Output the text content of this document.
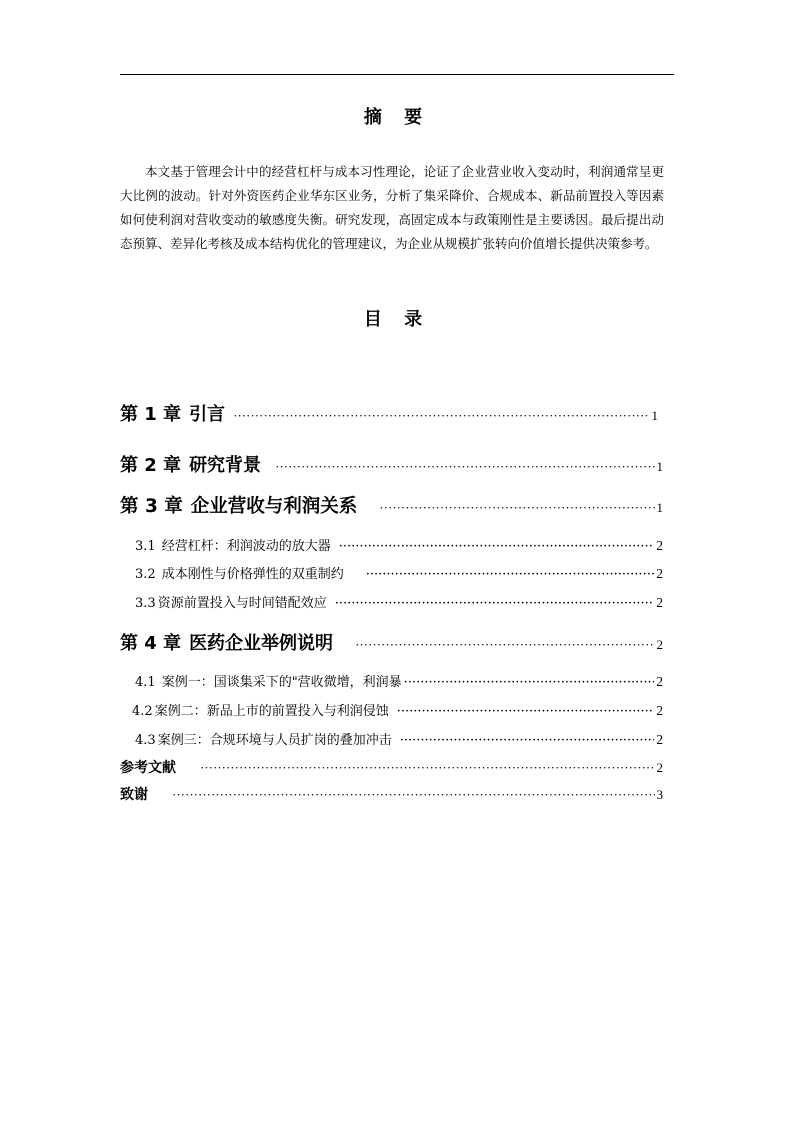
摘 要

本文基于管理会计中的经营杠杆与成本习性理论，论证了企业营业收入变动时，利润通常呈更大比例的波动。针对外资医药企业华东区业务，分析了集采降价、合规成本、新品前置投入等因素如何使利润对营收变动的敏感度失衡。研究发现，高固定成本与政策刚性是主要诱因。最后提出动态预算、差异化考核及成本结构优化的管理建议，为企业从规模扩张转向价值增长提供决策参考。

目 录
第 1 章 引言 ·····	1
第 2 章 研究背景 ·····	1
第 3 章 企业营收与利润关系 ·····	1
3.1 经营杠杆：利润波动的放大器 ·····	2
3.2 成本刚性与价格弹性的双重制约 ·····	2
3.3 资源前置投入与时间错配效应 ·····	2
第 4 章 医药企业举例说明 ·····	2
4.1 案例一：国谈集采下的"营收微增，利润暴 ·····	2
4.2 案例二：新品上市的前置投入与利润侵蚀 ·····	2
4.3 案例三：合规环境与人员扩岗的叠加冲击 ·····	2
参考文献 ·····	2
致谢 ·····	3
